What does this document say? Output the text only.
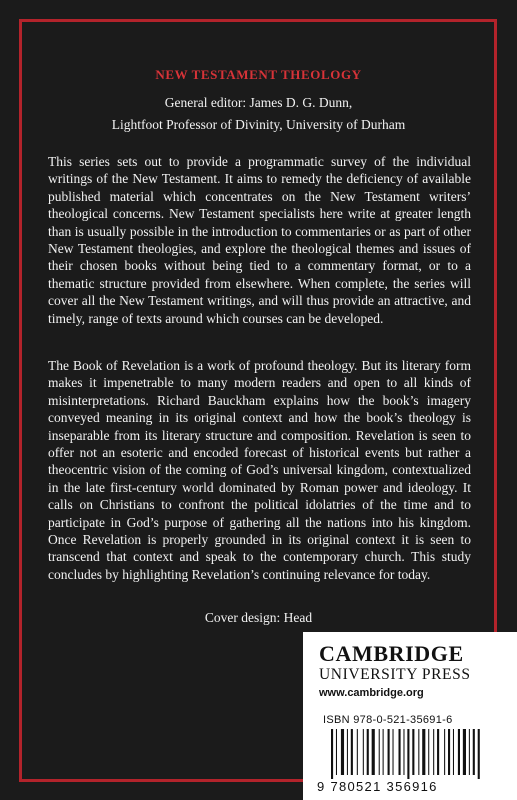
NEW TESTAMENT THEOLOGY
General editor: James D. G. Dunn,
Lightfoot Professor of Divinity, University of Durham
This series sets out to provide a programmatic survey of the individual writings of the New Testament. It aims to remedy the deficiency of available published material which concentrates on the New Testament writers’ theological concerns. New Testament specialists here write at greater length than is usually possible in the introduction to commentaries or as part of other New Testament theologies, and explore the theological themes and issues of their chosen books without being tied to a commentary format, or to a thematic structure provided from elsewhere. When complete, the series will cover all the New Testament writings, and will thus provide an attractive, and timely, range of texts around which courses can be developed.
The Book of Revelation is a work of profound theology. But its literary form makes it impenetrable to many modern readers and open to all kinds of misinterpretations. Richard Bauckham explains how the book’s imagery conveyed meaning in its original context and how the book’s theology is inseparable from its literary structure and composition. Revelation is seen to offer not an esoteric and encoded forecast of historical events but rather a theocentric vision of the coming of God’s universal kingdom, contextualized in the late first-century world dominated by Roman power and ideology. It calls on Christians to confront the political idolatries of the time and to participate in God’s purpose of gathering all the nations into his kingdom. Once Revelation is properly grounded in its original context it is seen to transcend that context and speak to the contemporary church. This study concludes by highlighting Revelation’s continuing relevance for today.
Cover design: Head
CAMBRIDGE
UNIVERSITY PRESS
www.cambridge.org
ISBN 978-0-521-35691-6
9 780521 356916
